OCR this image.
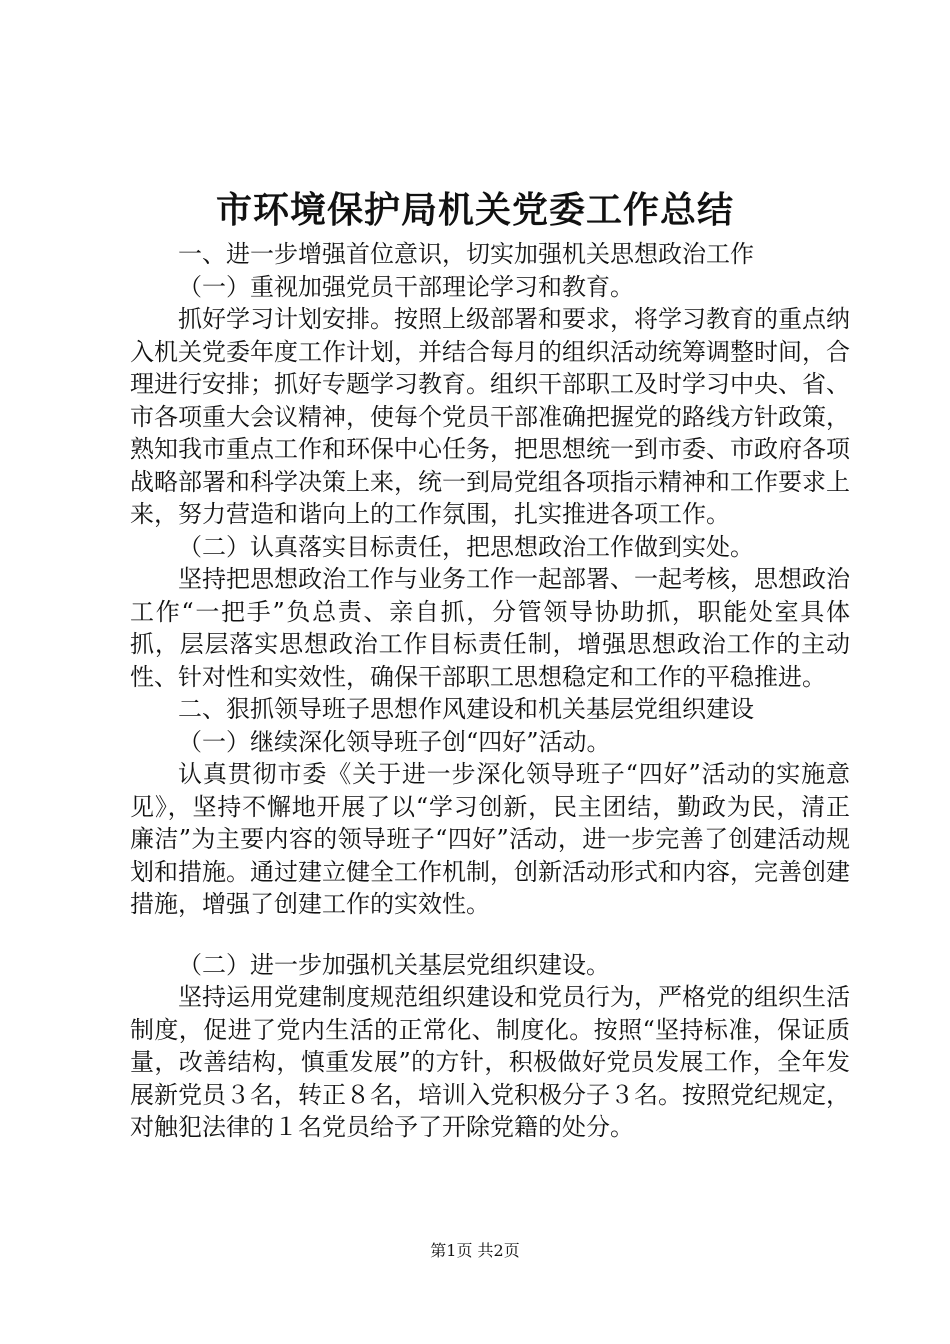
市环境保护局机关党委工作总结

一、进一步增强首位意识，切实加强机关思想政治工作

（一）重视加强党员干部理论学习和教育。

抓好学习计划安排。按照上级部署和要求，将学习教育的重点纳入机关党委年度工作计划，并结合每月的组织活动统筹调整时间，合理进行安排；抓好专题学习教育。组织干部职工及时学习中央、省、市各项重大会议精神，使每个党员干部准确把握党的路线方针政策，熟知我市重点工作和环保中心任务，把思想统一到市委、市政府各项战略部署和科学决策上来，统一到局党组各项指示精神和工作要求上来，努力营造和谐向上的工作氛围，扎实推进各项工作。

（二）认真落实目标责任，把思想政治工作做到实处。

坚持把思想政治工作与业务工作一起部署、一起考核，思想政治工作“一把手”负总责、亲自抓，分管领导协助抓，职能处室具体抓，层层落实思想政治工作目标责任制，增强思想政治工作的主动性、针对性和实效性，确保干部职工思想稳定和工作的平稳推进。

二、狠抓领导班子思想作风建设和机关基层党组织建设

（一）继续深化领导班子创“四好”活动。

认真贯彻市委《关于进一步深化领导班子“四好”活动的实施意见》，坚持不懈地开展了以“学习创新，民主团结，勤政为民，清正廉洁”为主要内容的领导班子“四好”活动，进一步完善了创建活动规划和措施。通过建立健全工作机制，创新活动形式和内容，完善创建措施，增强了创建工作的实效性。

（二）进一步加强机关基层党组织建设。

坚持运用党建制度规范组织建设和党员行为，严格党的组织生活制度，促进了党内生活的正常化、制度化。按照“坚持标准，保证质量，改善结构，慎重发展”的方针，积极做好党员发展工作，全年发展新党员３名，转正８名，培训入党积极分子３名。按照党纪规定，对触犯法律的１名党员给予了开除党籍的处分。

第1页 共2页
